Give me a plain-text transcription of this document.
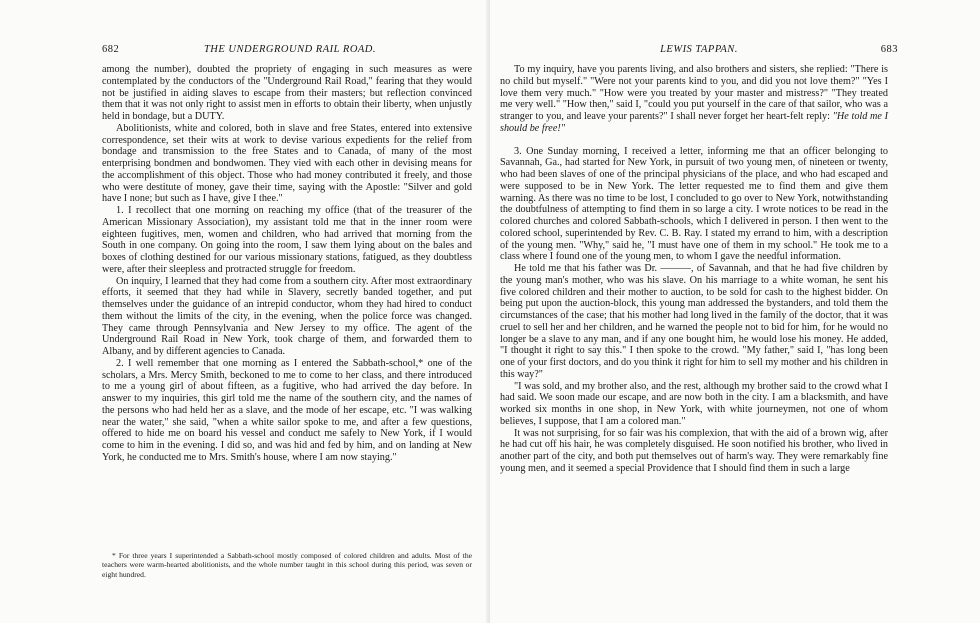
682	THE UNDERGROUND RAIL ROAD.

among the number), doubted the propriety of engaging in such measures as were contemplated by the conductors of the "Underground Rail Road," fearing that they would not be justified in aiding slaves to escape from their masters; but reflection convinced them that it was not only right to assist men in efforts to obtain their liberty, when unjustly held in bondage, but a DUTY.

Abolitionists, white and colored, both in slave and free States, entered into extensive correspondence, set their wits at work to devise various expedients for the relief from bondage and transmission to the free States and to Canada, of many of the most enterprising bondmen and bondwomen. They vied with each other in devising means for the accomplishment of this object. Those who had money contributed it freely, and those who were destitute of money, gave their time, saying with the Apostle: "Silver and gold have I none; but such as I have, give I thee."

1. I recollect that one morning on reaching my office (that of the treasurer of the American Missionary Association), my assistant told me that in the inner room were eighteen fugitives, men, women and children, who had arrived that morning from the South in one company. On going into the room, I saw them lying about on the bales and boxes of clothing destined for our various missionary stations, fatigued, as they doubtless were, after their sleepless and protracted struggle for freedom.

On inquiry, I learned that they had come from a southern city. After most extraordinary efforts, it seemed that they had while in Slavery, secretly banded together, and put themselves under the guidance of an intrepid conductor, whom they had hired to conduct them without the limits of the city, in the evening, when the police force was changed. They came through Pennsylvania and New Jersey to my office. The agent of the Underground Rail Road in New York, took charge of them, and forwarded them to Albany, and by different agencies to Canada.

2. I well remember that one morning as I entered the Sabbath-school,* one of the scholars, a Mrs. Mercy Smith, beckoned to me to come to her class, and there introduced to me a young girl of about fifteen, as a fugitive, who had arrived the day before. In answer to my inquiries, this girl told me the name of the southern city, and the names of the persons who had held her as a slave, and the mode of her escape, etc. "I was walking near the water," she said, "when a white sailor spoke to me, and after a few questions, offered to hide me on board his vessel and conduct me safely to New York, if I would come to him in the evening. I did so, and was hid and fed by him, and on landing at New York, he conducted me to Mrs. Smith's house, where I am now staying."

* For three years I superintended a Sabbath-school mostly composed of colored children and adults. Most of the teachers were warm-hearted abolitionists, and the whole number taught in this school during this period, was seven or eight hundred.

LEWIS TAPPAN.	683

To my inquiry, have you parents living, and also brothers and sisters, she replied: "There is no child but myself." "Were not your parents kind to you, and did you not love them?" "Yes I love them very much." "How were you treated by your master and mistress?" "They treated me very well." "How then," said I, "could you put yourself in the care of that sailor, who was a stranger to you, and leave your parents?" I shall never forget her heart-felt reply: "He told me I should be free!"

3. One Sunday morning, I received a letter, informing me that an officer belonging to Savannah, Ga., had started for New York, in pursuit of two young men, of nineteen or twenty, who had been slaves of one of the principal physicians of the place, and who had escaped and were supposed to be in New York. The letter requested me to find them and give them warning. As there was no time to be lost, I concluded to go over to New York, notwithstanding the doubtfulness of attempting to find them in so large a city. I wrote notices to be read in the colored churches and colored Sabbath-schools, which I delivered in person. I then went to the colored school, superintended by Rev. C. B. Ray. I stated my errand to him, with a description of the young men. "Why," said he, "I must have one of them in my school." He took me to a class where I found one of the young men, to whom I gave the needful information.

He told me that his father was Dr. ———, of Savannah, and that he had five children by the young man's mother, who was his slave. On his marriage to a white woman, he sent his five colored children and their mother to auction, to be sold for cash to the highest bidder. On being put upon the auction-block, this young man addressed the bystanders, and told them the circumstances of the case; that his mother had long lived in the family of the doctor, that it was cruel to sell her and her children, and he warned the people not to bid for him, for he would no longer be a slave to any man, and if any one bought him, he would lose his money. He added, "I thought it right to say this." I then spoke to the crowd. "My father," said I, "has long been one of your first doctors, and do you think it right for him to sell my mother and his children in this way?"

"I was sold, and my brother also, and the rest, although my brother said to the crowd what I had said. We soon made our escape, and are now both in the city. I am a blacksmith, and have worked six months in one shop, in New York, with white journeymen, not one of whom believes, I suppose, that I am a colored man."

It was not surprising, for so fair was his complexion, that with the aid of a brown wig, after he had cut off his hair, he was completely disguised. He soon notified his brother, who lived in another part of the city, and both put themselves out of harm's way. They were remarkably fine young men, and it seemed a special Providence that I should find them in such a large
